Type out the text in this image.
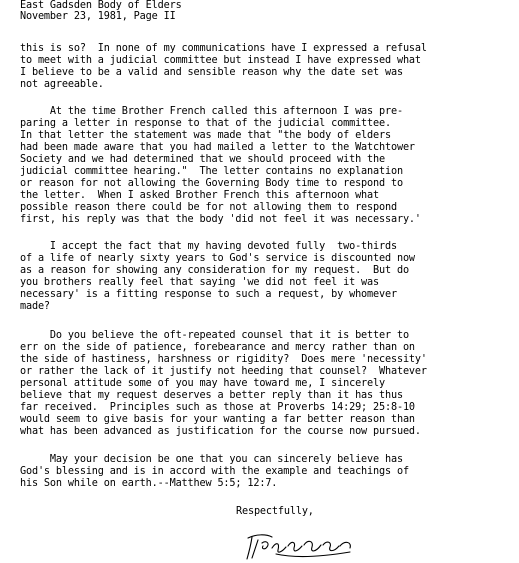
East Gadsden Body of Elders
November 23, 1981, Page II
this is so?  In none of my communications have I expressed a refusal
to meet with a judicial committee but instead I have expressed what
I believe to be a valid and sensible reason why the date set was
not agreeable.
At the time Brother French called this afternoon I was pre-
paring a letter in response to that of the judicial committee.
In that letter the statement was made that "the body of elders
had been made aware that you had mailed a letter to the Watchtower
Society and we had determined that we should proceed with the
judicial committee hearing."  The letter contains no explanation
or reason for not allowing the Governing Body time to respond to
the letter.  When I asked Brother French this afternoon what
possible reason there could be for not allowing them to respond
first, his reply was that the body 'did not feel it was necessary.'
I accept the fact that my having devoted fully  two-thirds
of a life of nearly sixty years to God's service is discounted now
as a reason for showing any consideration for my request.  But do
you brothers really feel that saying 'we did not feel it was
necessary' is a fitting response to such a request, by whomever
made?
Do you believe the oft-repeated counsel that it is better to
err on the side of patience, forebearance and mercy rather than on
the side of hastiness, harshness or rigidity?  Does mere 'necessity'
or rather the lack of it justify not heeding that counsel?  Whatever
personal attitude some of you may have toward me, I sincerely
believe that my request deserves a better reply than it has thus
far received.  Principles such as those at Proverbs 14:29; 25:8-10
would seem to give basis for your wanting a far better reason than
what has been advanced as justification for the course now pursued.
May your decision be one that you can sincerely believe has
God's blessing and is in accord with the example and teachings of
his Son while on earth.--Matthew 5:5; 12:7.
Respectfully,
